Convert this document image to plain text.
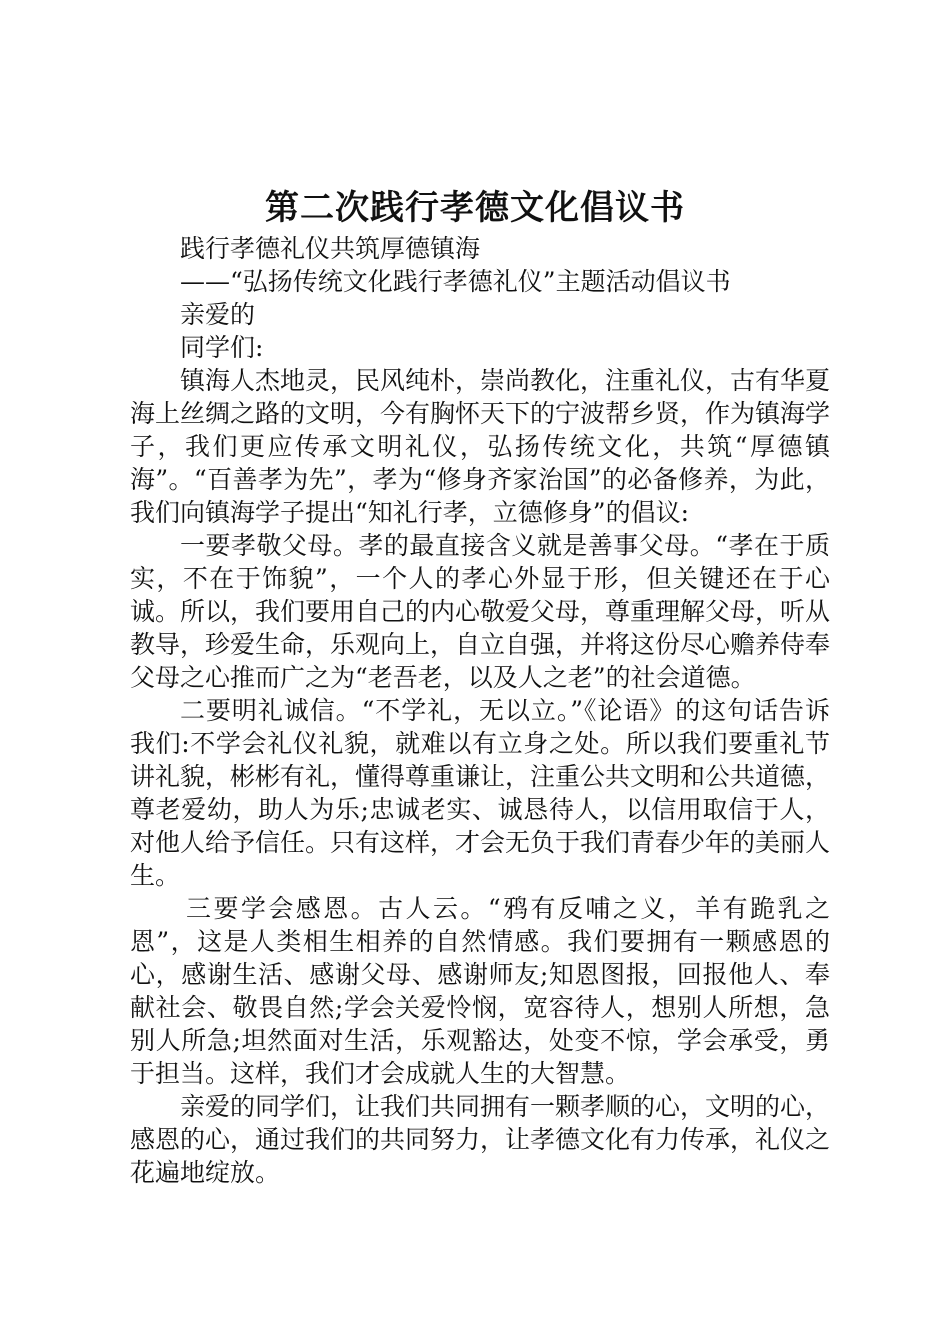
第二次践行孝德文化倡议书

践行孝德礼仪共筑厚德镇海

——“弘扬传统文化践行孝德礼仪”主题活动倡议书

亲爱的

同学们:

镇海人杰地灵，民风纯朴，崇尚教化，注重礼仪，古有华夏海上丝绸之路的文明，今有胸怀天下的宁波帮乡贤，作为镇海学子，我们更应传承文明礼仪，弘扬传统文化，共筑“厚德镇海”。“百善孝为先”，孝为“修身齐家治国”的必备修养，为此，我们向镇海学子提出“知礼行孝，立德修身”的倡议:

一要孝敬父母。孝的最直接含义就是善事父母。“孝在于质实，不在于饰貌”，一个人的孝心外显于形，但关键还在于心诚。所以，我们要用自己的内心敬爱父母，尊重理解父母，听从教导，珍爱生命，乐观向上，自立自强，并将这份尽心赡养侍奉父母之心推而广之为“老吾老，以及人之老”的社会道德。

二要明礼诚信。“不学礼，无以立。”《论语》的这句话告诉我们:不学会礼仪礼貌，就难以有立身之处。所以我们要重礼节讲礼貌，彬彬有礼，懂得尊重谦让，注重公共文明和公共道德，尊老爱幼，助人为乐;忠诚老实、诚恳待人，以信用取信于人，对他人给予信任。只有这样，才会无负于我们青春少年的美丽人生。

三要学会感恩。古人云。“鸦有反哺之义，羊有跪乳之恩”，这是人类相生相养的自然情感。我们要拥有一颗感恩的心，感谢生活、感谢父母、感谢师友;知恩图报，回报他人、奉献社会、敬畏自然;学会关爱怜悯，宽容待人，想别人所想，急别人所急;坦然面对生活，乐观豁达，处变不惊，学会承受，勇于担当。这样，我们才会成就人生的大智慧。

亲爱的同学们，让我们共同拥有一颗孝顺的心，文明的心，感恩的心，通过我们的共同努力，让孝德文化有力传承，礼仪之花遍地绽放。
